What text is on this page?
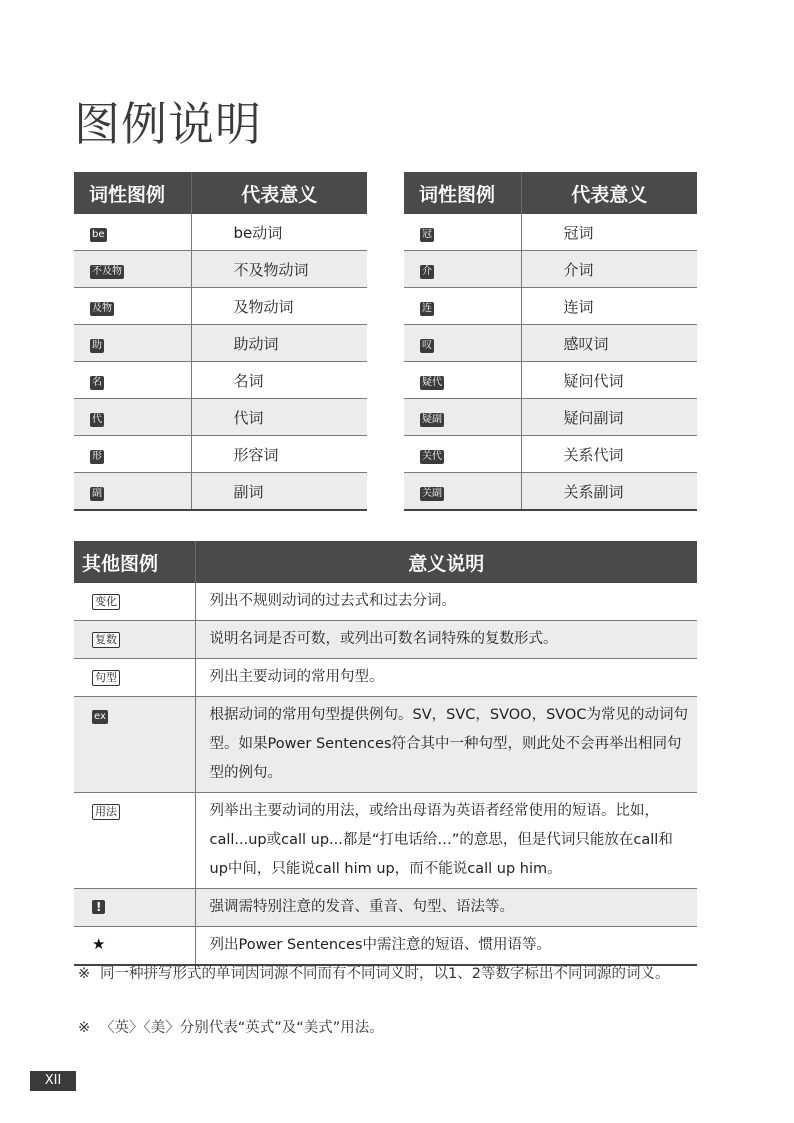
图例说明
词性图例	代表意义
be	be动词
不及物	不及物动词
及物	及物动词
助	助动词
名	名词
代	代词
形	形容词
副	副词
词性图例	代表意义
冠	冠词
介	介词
连	连词
叹	感叹词
疑代	疑问代词
疑副	疑问副词
关代	关系代词
关副	关系副词
其他图例	意义说明
变化	列出不规则动词的过去式和过去分词。
复数	说明名词是否可数，或列出可数名词特殊的复数形式。
句型	列出主要动词的常用句型。
ex	根据动词的常用句型提供例句。SV，SVC，SVOO，SVOC为常见的动词句型。如果Power Sentences符合其中一种句型，则此处不会再举出相同句型的例句。
用法	列举出主要动词的用法，或给出母语为英语者经常使用的短语。比如，call...up或call up...都是“打电话给…”的意思，但是代词只能放在call和up中间，只能说call him up，而不能说call up him。
!	强调需特别注意的发音、重音、句型、语法等。
★	列出Power Sentences中需注意的短语、惯用语等。
※ 同一种拼写形式的单词因词源不同而有不同词义时，以1、2等数字标出不同词源的词义。
※ 〈英〉〈美〉分别代表“英式”及“美式”用法。
XII
